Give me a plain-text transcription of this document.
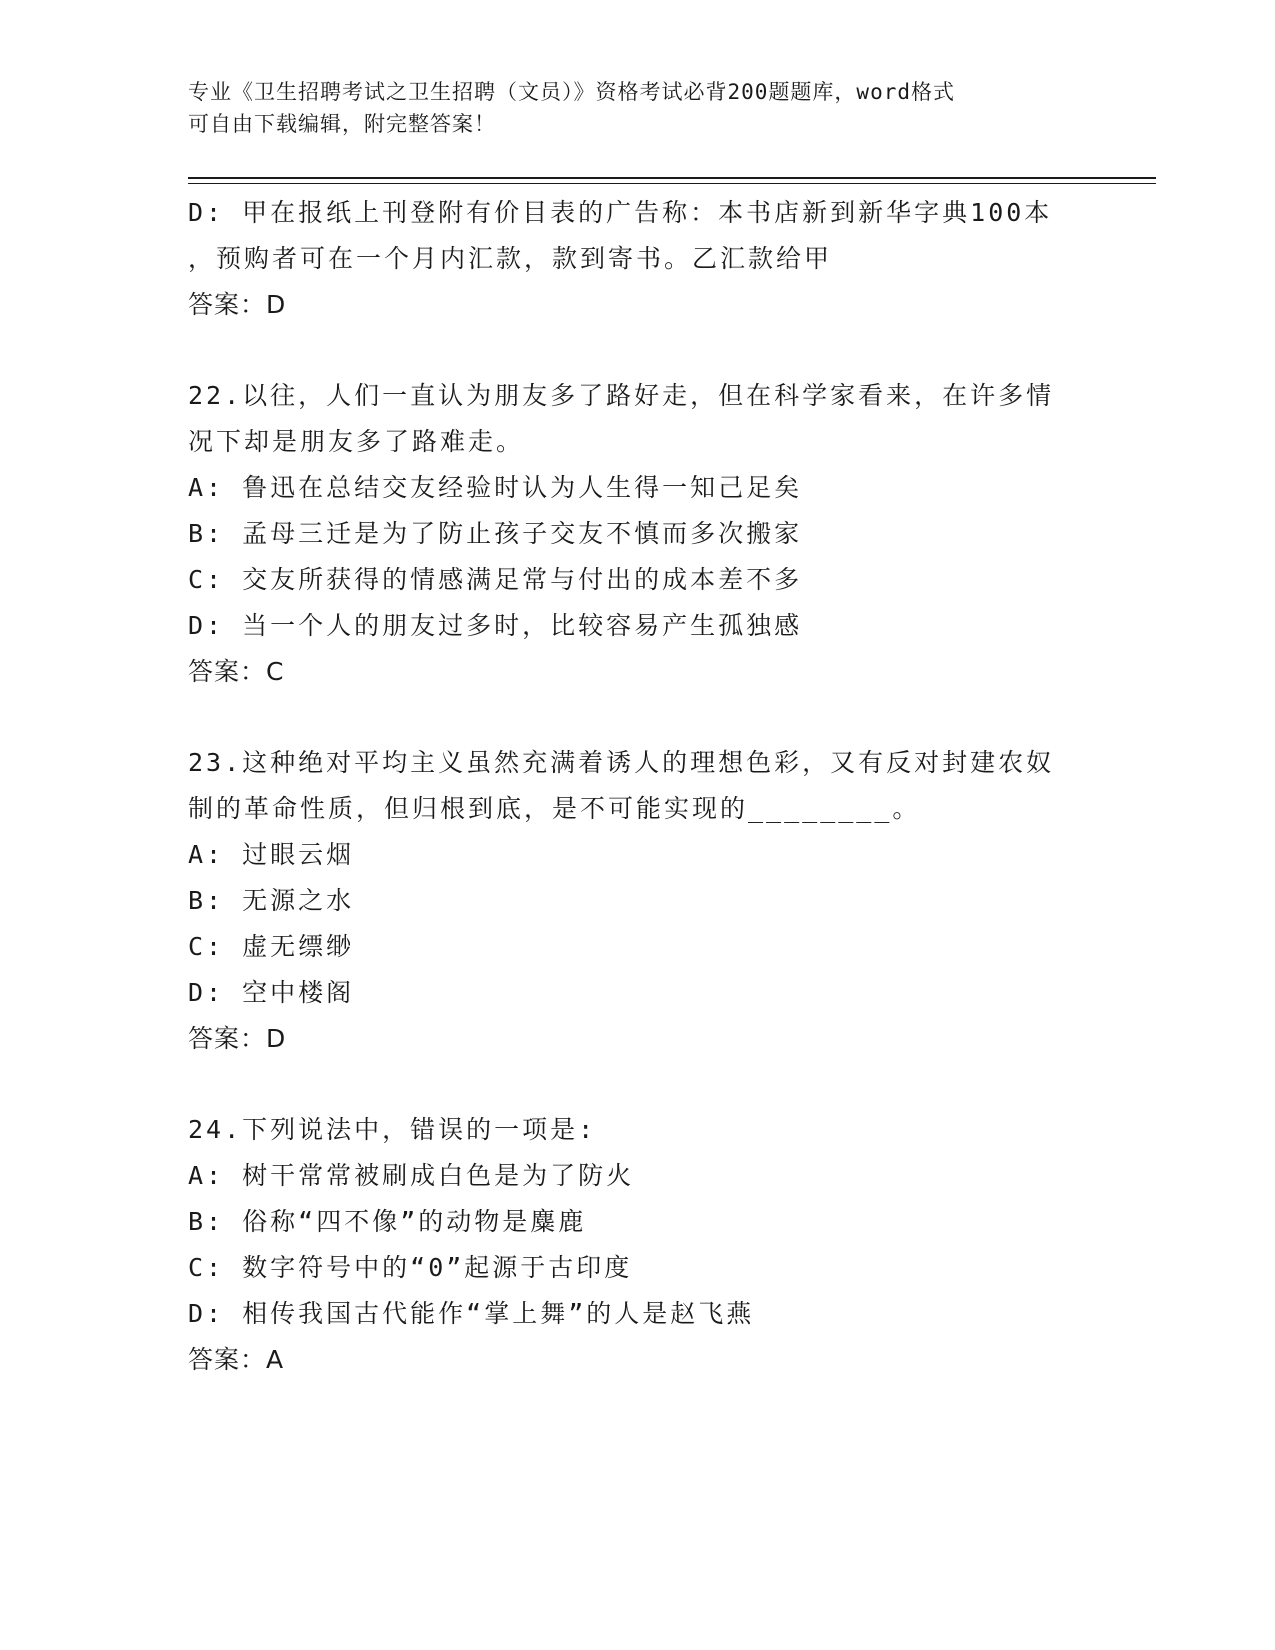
专业《卫生招聘考试之卫生招聘（文员）》资格考试必背200题题库，word格式
可自由下载编辑，附完整答案！
D: 甲在报纸上刊登附有价目表的广告称：本书店新到新华字典100本
，预购者可在一个月内汇款，款到寄书。乙汇款给甲
答案：D
22.以往，人们一直认为朋友多了路好走，但在科学家看来，在许多情
况下却是朋友多了路难走。
A: 鲁迅在总结交友经验时认为人生得一知己足矣
B: 孟母三迁是为了防止孩子交友不慎而多次搬家
C: 交友所获得的情感满足常与付出的成本差不多
D: 当一个人的朋友过多时，比较容易产生孤独感
答案：C
23.这种绝对平均主义虽然充满着诱人的理想色彩，又有反对封建农奴
制的革命性质，但归根到底，是不可能实现的________。
A: 过眼云烟
B: 无源之水
C: 虚无缥缈
D: 空中楼阁
答案：D
24.下列说法中，错误的一项是:
A: 树干常常被刷成白色是为了防火
B: 俗称“四不像”的动物是麋鹿
C: 数字符号中的“0”起源于古印度
D: 相传我国古代能作“掌上舞”的人是赵飞燕
答案：A
